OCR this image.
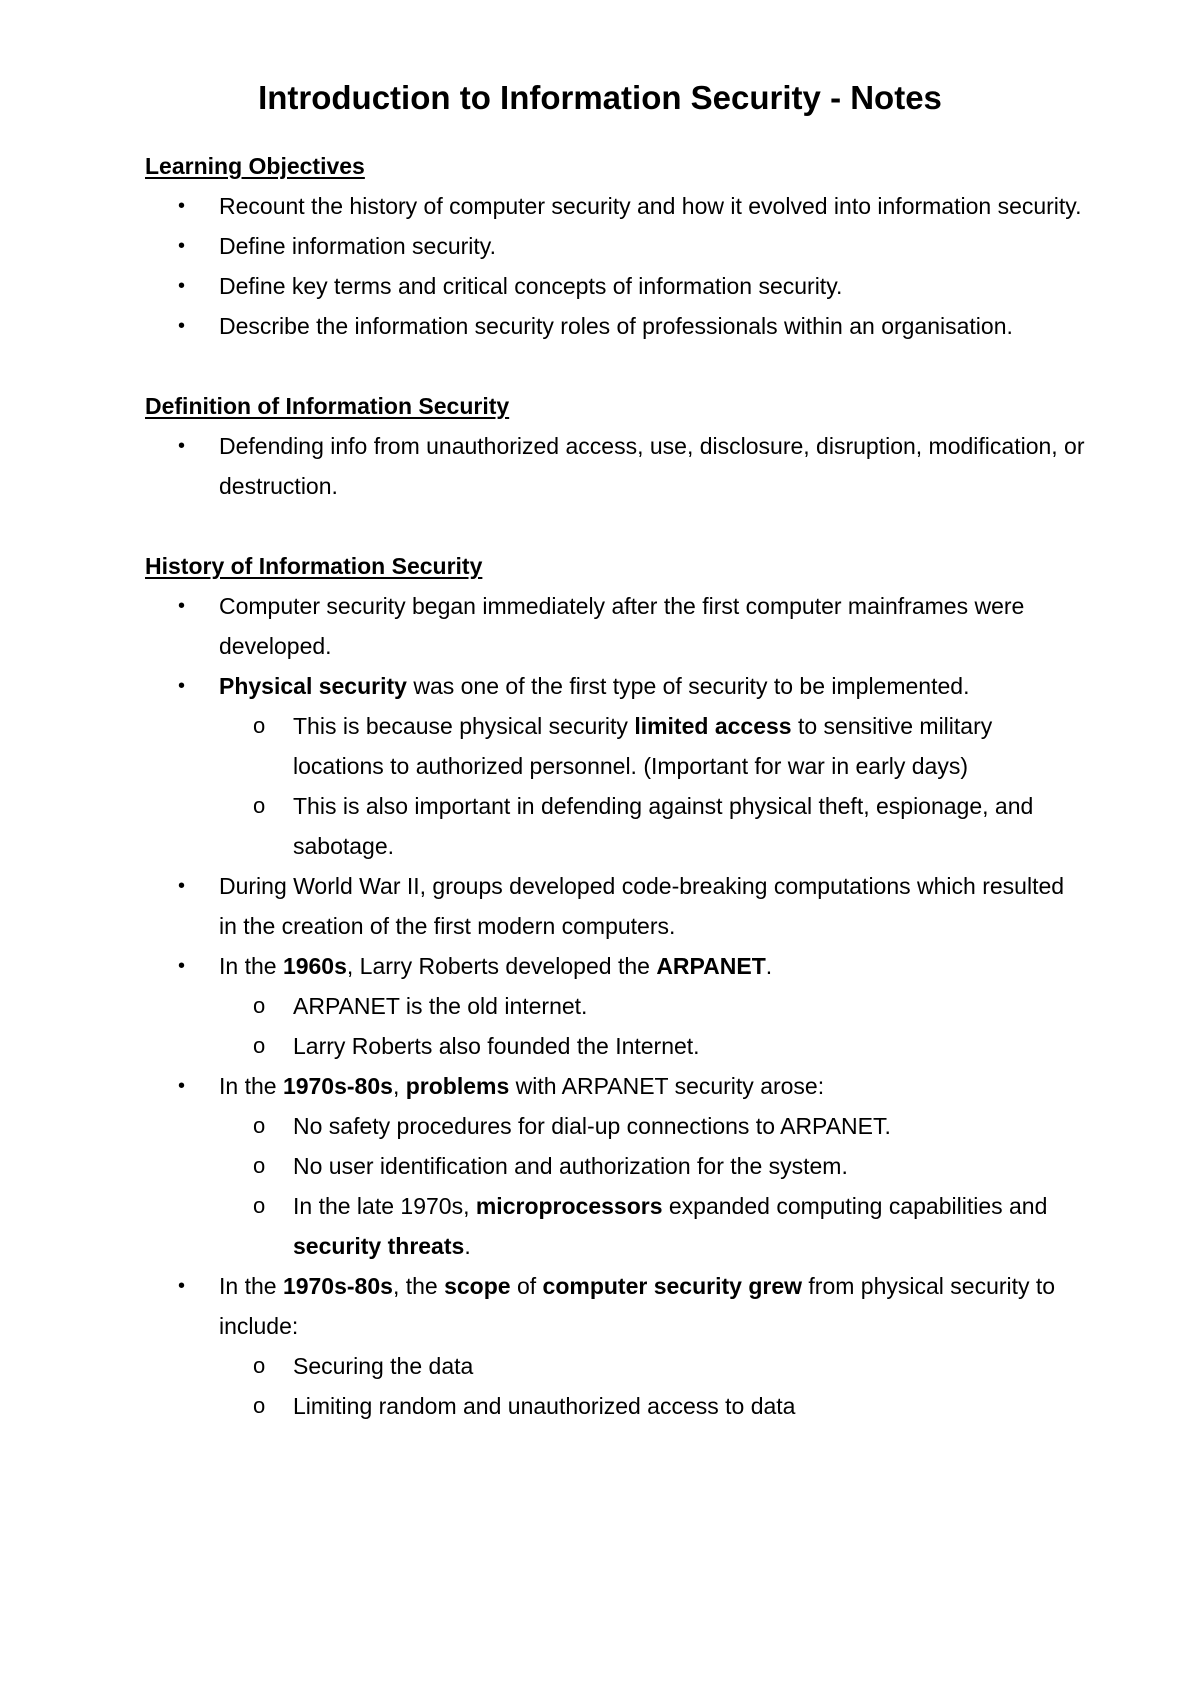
Introduction to Information Security - Notes

Learning Objectives

• Recount the history of computer security and how it evolved into information security.
• Define information security.
• Define key terms and critical concepts of information security.
• Describe the information security roles of professionals within an organisation.

Definition of Information Security

• Defending info from unauthorized access, use, disclosure, disruption, modification, or destruction.

History of Information Security

• Computer security began immediately after the first computer mainframes were developed.
• Physical security was one of the first type of security to be implemented.
o This is because physical security limited access to sensitive military locations to authorized personnel. (Important for war in early days)
o This is also important in defending against physical theft, espionage, and sabotage.
• During World War II, groups developed code-breaking computations which resulted in the creation of the first modern computers.
• In the 1960s, Larry Roberts developed the ARPANET.
o ARPANET is the old internet.
o Larry Roberts also founded the Internet.
• In the 1970s-80s, problems with ARPANET security arose:
o No safety procedures for dial-up connections to ARPANET.
o No user identification and authorization for the system.
o In the late 1970s, microprocessors expanded computing capabilities and security threats.
• In the 1970s-80s, the scope of computer security grew from physical security to include:
o Securing the data
o Limiting random and unauthorized access to data
